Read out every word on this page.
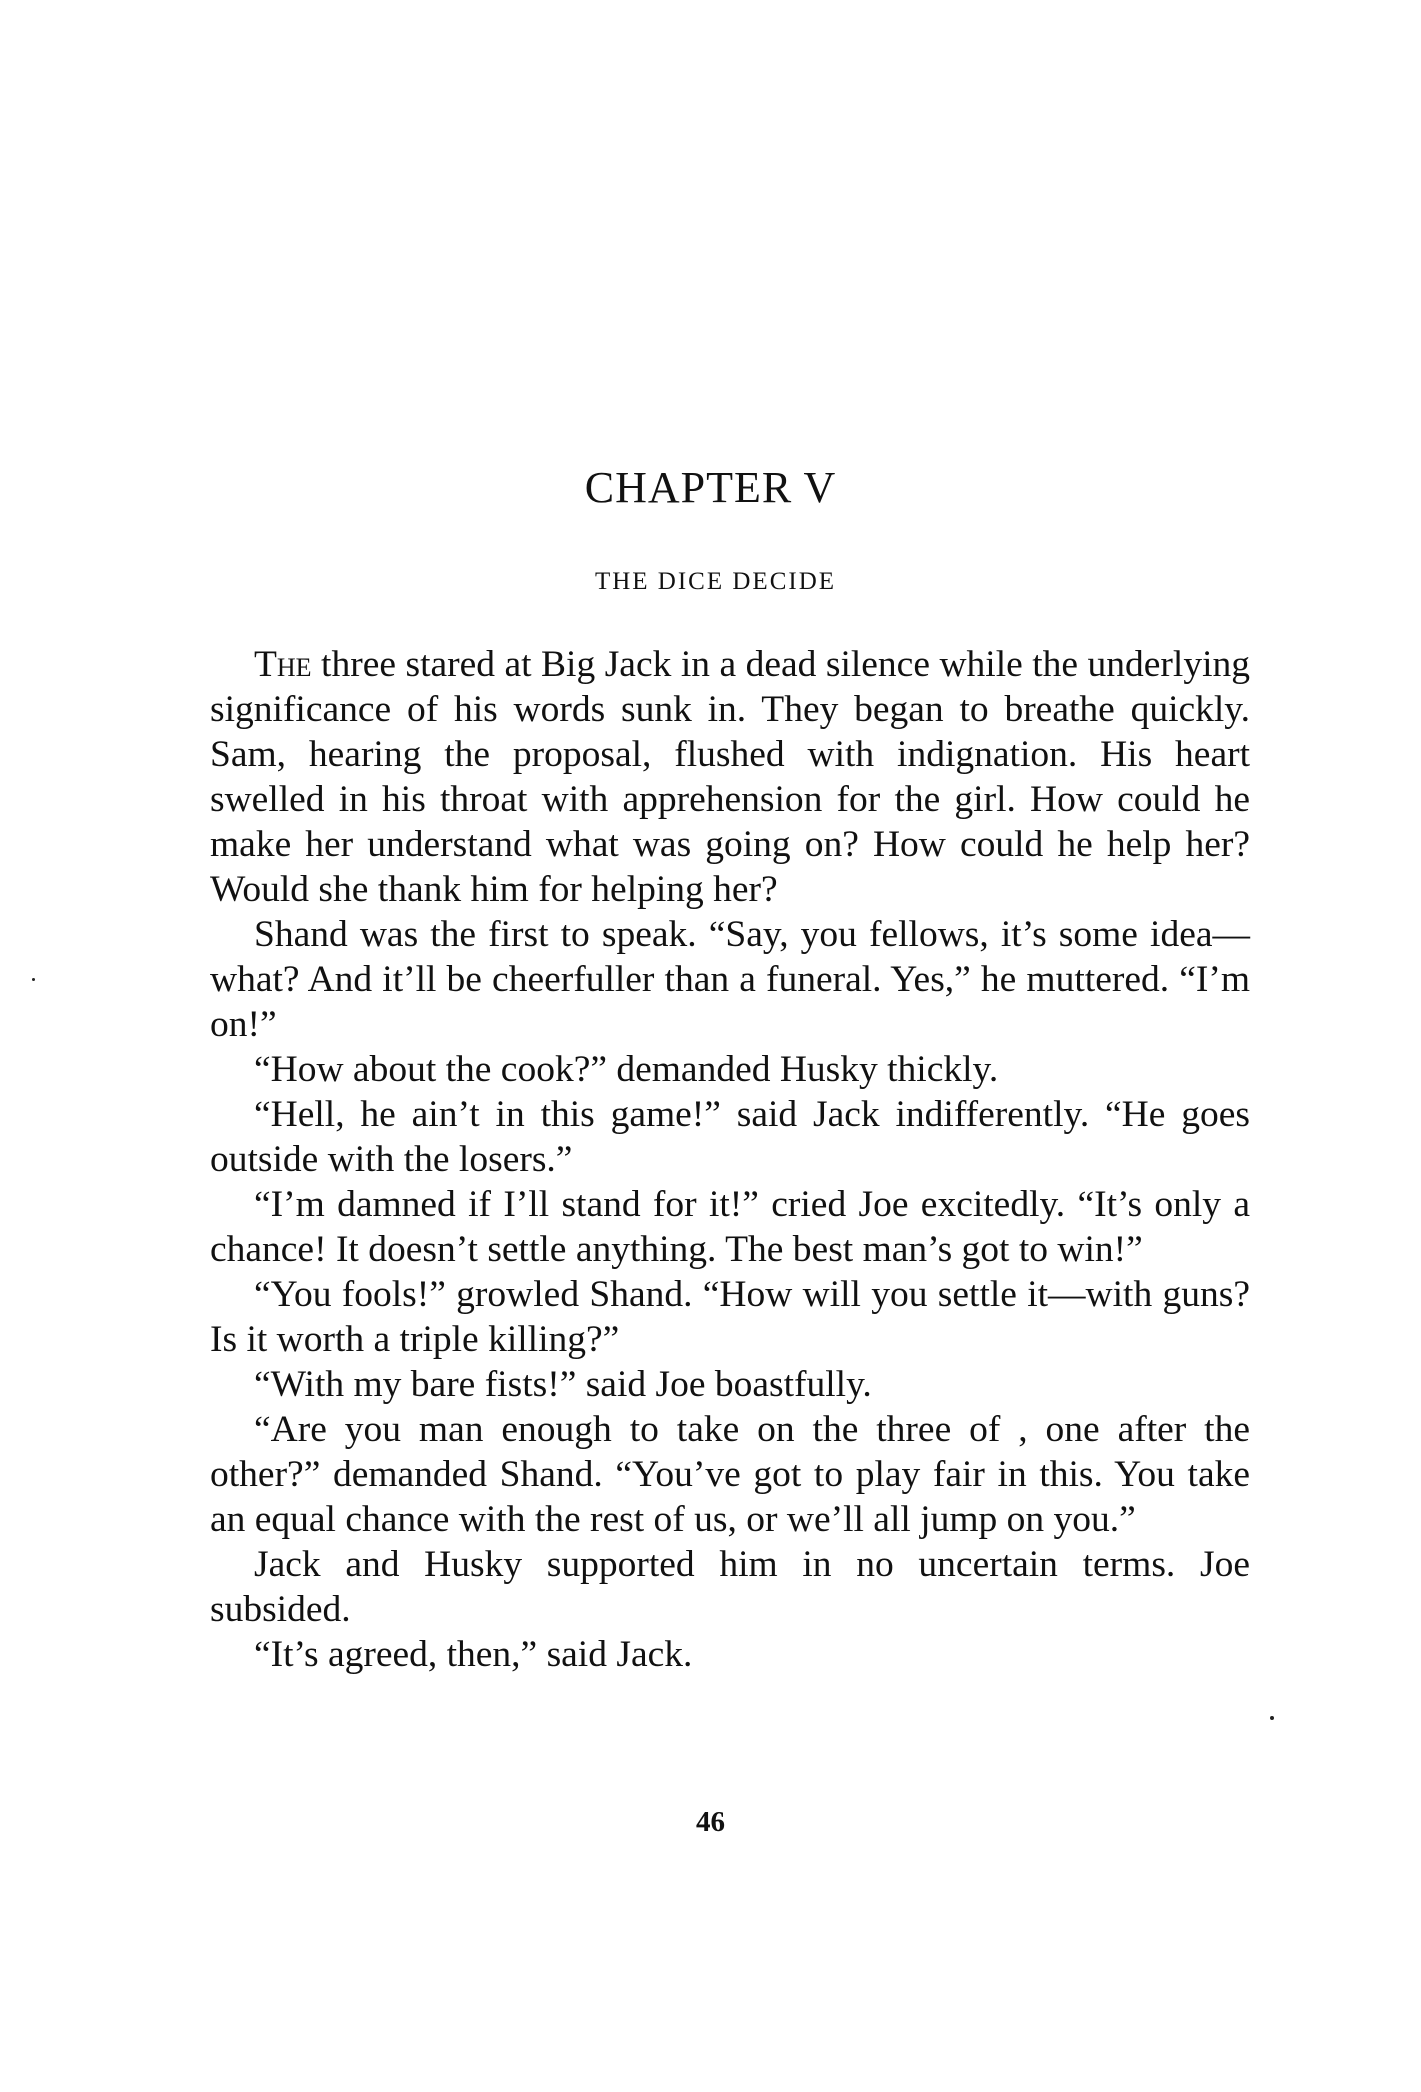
CHAPTER V
THE DICE DECIDE

The three stared at Big Jack in a dead silence while the underlying significance of his words sunk in. They began to breathe quickly. Sam, hearing the proposal, flushed with indignation. His heart swelled in his throat with apprehension for the girl. How could he make her understand what was going on? How could he help her? Would she thank him for helping her?

Shand was the first to speak. “Say, you fellows, it’s some idea—what? And it’ll be cheerfuller than a funeral. Yes,” he muttered. “I’m on!”

“How about the cook?” demanded Husky thickly.

“Hell, he ain’t in this game!” said Jack indifferently. “He goes outside with the losers.”

“I’m damned if I’ll stand for it!” cried Joe excitedly. “It’s only a chance! It doesn’t settle anything. The best man’s got to win!”

“You fools!” growled Shand. “How will you settle it—with guns? Is it worth a triple killing?”

“With my bare fists!” said Joe boastfully.

“Are you man enough to take on the three of , one after the other?” demanded Shand. “You’ve got to play fair in this. You take an equal chance with the rest of us, or we’ll all jump on you.”

Jack and Husky supported him in no uncertain terms. Joe subsided.

“It’s agreed, then,” said Jack.

46
